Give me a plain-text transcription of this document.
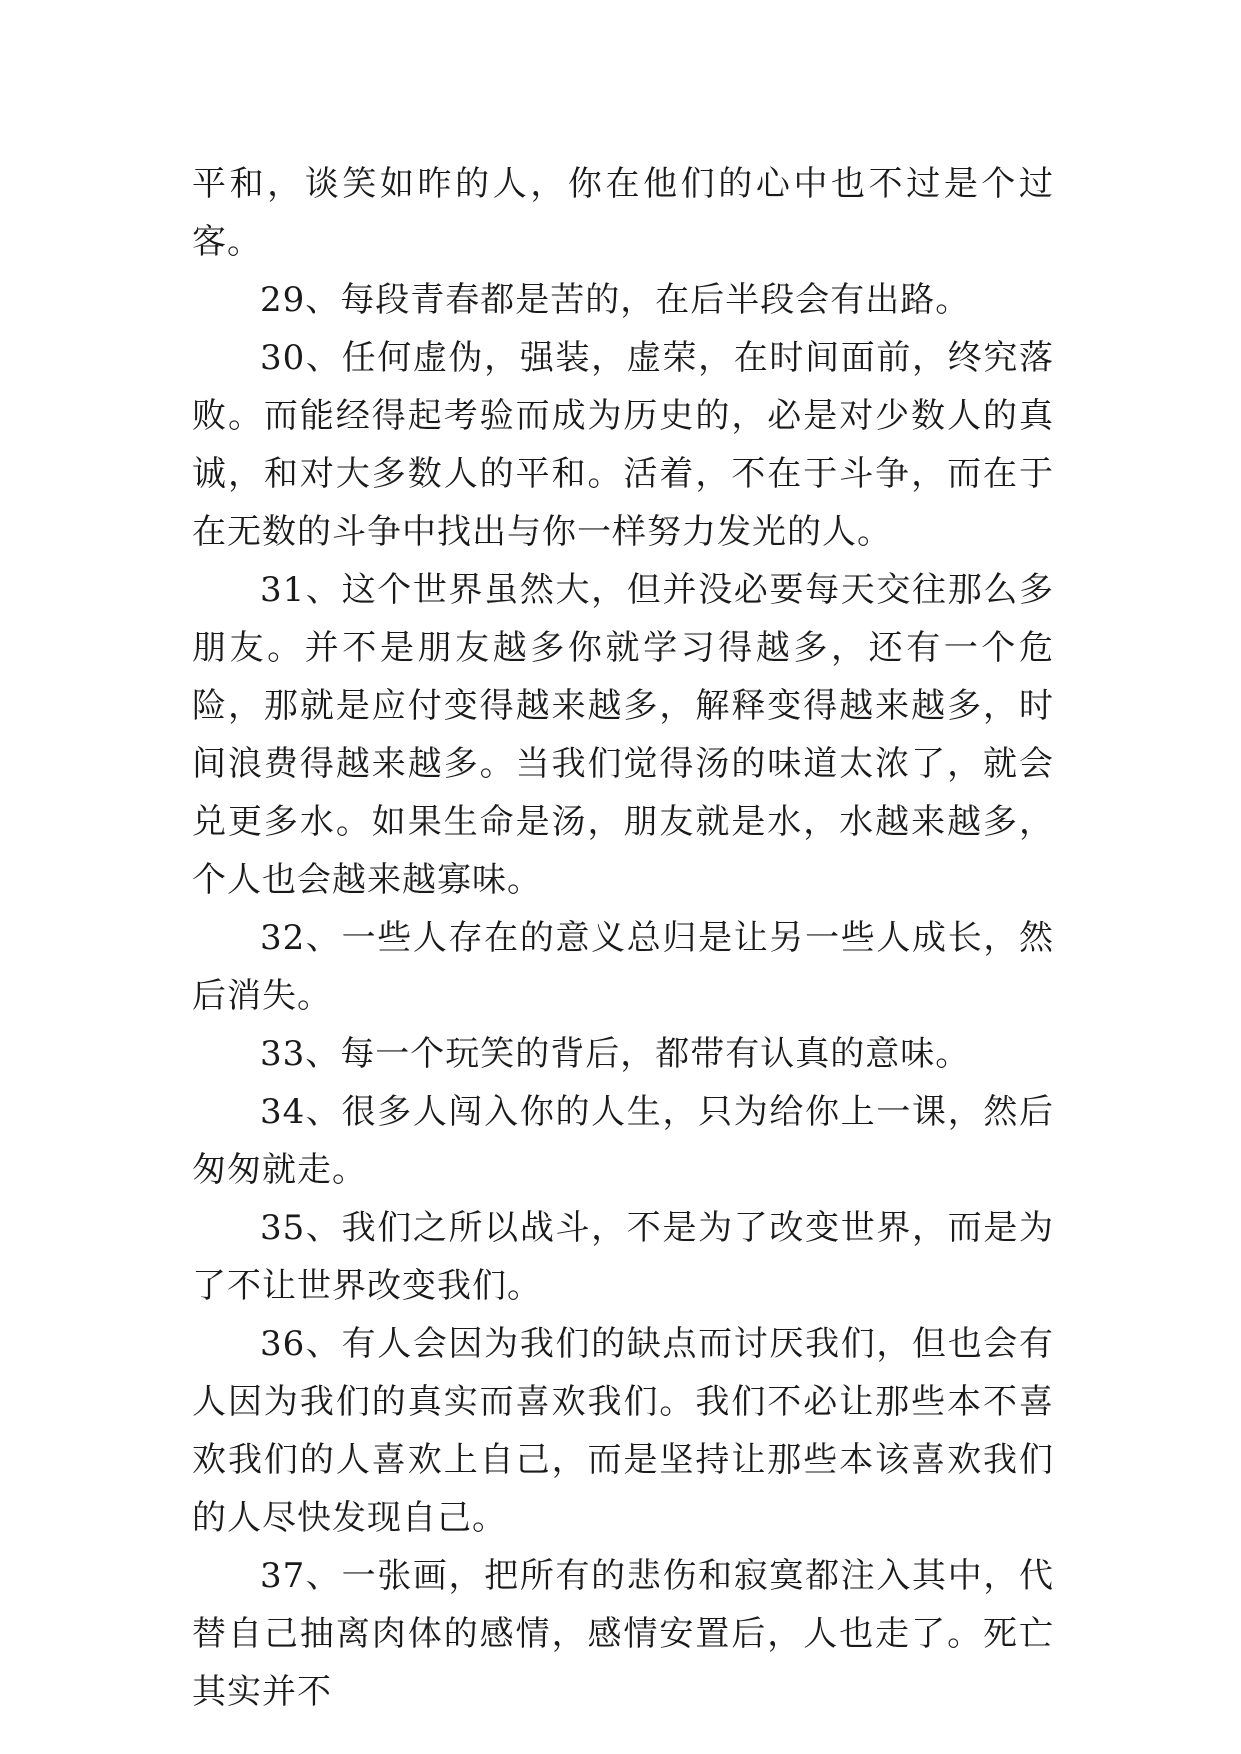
平和，谈笑如昨的人，你在他们的心中也不过是个过客。

29、每段青春都是苦的，在后半段会有出路。

30、任何虚伪，强装，虚荣，在时间面前，终究落败。而能经得起考验而成为历史的，必是对少数人的真诚，和对大多数人的平和。活着，不在于斗争，而在于在无数的斗争中找出与你一样努力发光的人。

31、这个世界虽然大，但并没必要每天交往那么多朋友。并不是朋友越多你就学习得越多，还有一个危险，那就是应付变得越来越多，解释变得越来越多，时间浪费得越来越多。当我们觉得汤的味道太浓了，就会兑更多水。如果生命是汤，朋友就是水，水越来越多，个人也会越来越寡味。

32、一些人存在的意义总归是让另一些人成长，然后消失。

33、每一个玩笑的背后，都带有认真的意味。

34、很多人闯入你的人生，只为给你上一课，然后匆匆就走。

35、我们之所以战斗，不是为了改变世界，而是为了不让世界改变我们。

36、有人会因为我们的缺点而讨厌我们，但也会有人因为我们的真实而喜欢我们。我们不必让那些本不喜欢我们的人喜欢上自己，而是坚持让那些本该喜欢我们的人尽快发现自己。

37、一张画，把所有的悲伤和寂寞都注入其中，代替自己抽离肉体的感情，感情安置后，人也走了。死亡其实并不
